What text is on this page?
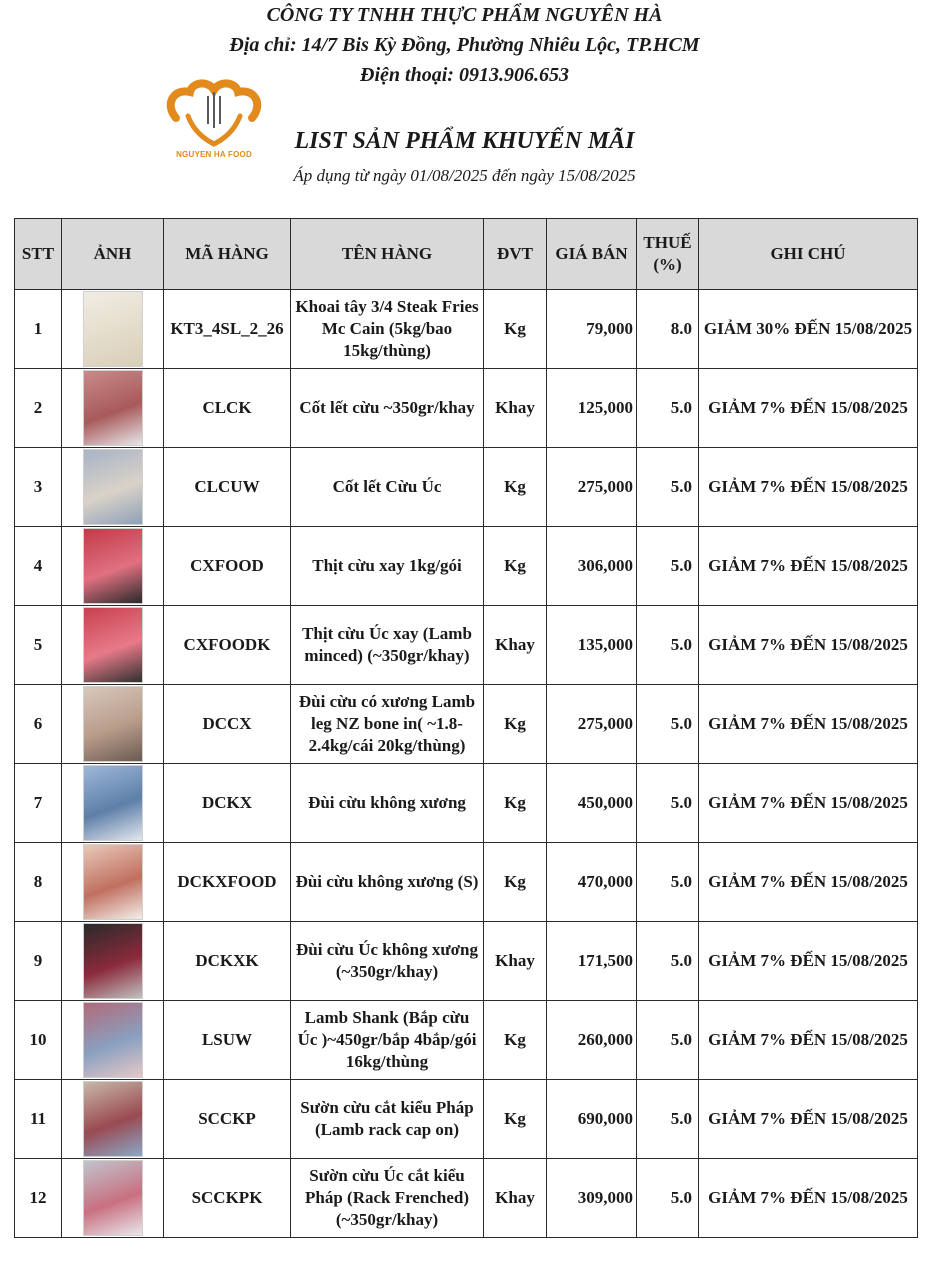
CÔNG TY TNHH THỰC PHẨM NGUYÊN HÀ
Địa chỉ: 14/7 Bis Kỳ Đồng, Phường Nhiêu Lộc, TP.HCM
Điện thoại: 0913.906.653
NGUYEN HA FOOD
LIST SẢN PHẨM KHUYẾN MÃI
Áp dụng từ ngày 01/08/2025 đến ngày 15/08/2025
STT	ẢNH	MÃ HÀNG	TÊN HÀNG	ĐVT	GIÁ BÁN	THUẾ (%)	GHI CHÚ
1		KT3_4SL_2_26	Khoai tây 3/4 Steak Fries Mc Cain (5kg/bao 15kg/thùng)	Kg	79,000	8.0	GIẢM 30% ĐẾN 15/08/2025
2		CLCK	Cốt lết cừu ~350gr/khay	Khay	125,000	5.0	GIẢM 7% ĐẾN 15/08/2025
3		CLCUW	Cốt lết Cừu Úc	Kg	275,000	5.0	GIẢM 7% ĐẾN 15/08/2025
4		CXFOOD	Thịt cừu xay 1kg/gói	Kg	306,000	5.0	GIẢM 7% ĐẾN 15/08/2025
5		CXFOODK	Thịt cừu Úc xay (Lamb minced) (~350gr/khay)	Khay	135,000	5.0	GIẢM 7% ĐẾN 15/08/2025
6		DCCX	Đùi cừu có xương Lamb leg NZ bone in( ~1.8-2.4kg/cái 20kg/thùng)	Kg	275,000	5.0	GIẢM 7% ĐẾN 15/08/2025
7		DCKX	Đùi cừu không xương	Kg	450,000	5.0	GIẢM 7% ĐẾN 15/08/2025
8		DCKXFOOD	Đùi cừu không xương (S)	Kg	470,000	5.0	GIẢM 7% ĐẾN 15/08/2025
9		DCKXK	Đùi cừu Úc không xương (~350gr/khay)	Khay	171,500	5.0	GIẢM 7% ĐẾN 15/08/2025
10		LSUW	Lamb Shank (Bắp cừu Úc )~450gr/bắp 4bắp/gói 16kg/thùng	Kg	260,000	5.0	GIẢM 7% ĐẾN 15/08/2025
11		SCCKP	Sườn cừu cắt kiểu Pháp (Lamb rack cap on)	Kg	690,000	5.0	GIẢM 7% ĐẾN 15/08/2025
12		SCCKPK	Sườn cừu Úc cắt kiểu Pháp (Rack Frenched) (~350gr/khay)	Khay	309,000	5.0	GIẢM 7% ĐẾN 15/08/2025
